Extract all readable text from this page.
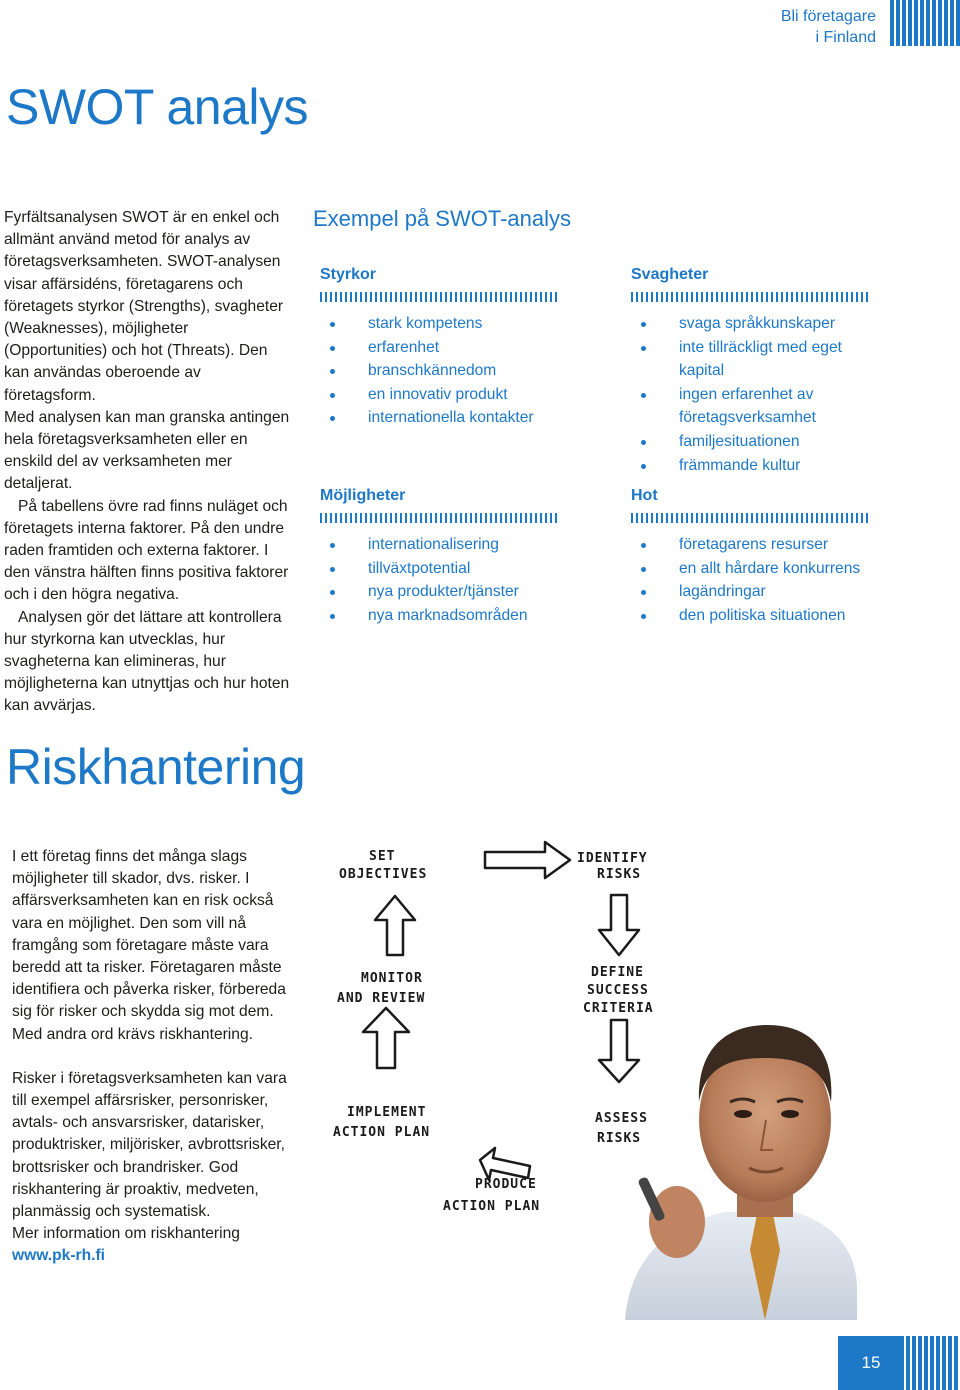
Bli företagare
i Finland
SWOT analys

Fyrfältsanalysen SWOT är en enkel och allmänt använd metod för analys av företagsverksamheten. SWOT-analysen visar affärsidéns, företagarens och företagets styrkor (Strengths), svagheter (Weaknesses), möjligheter (Opportunities) och hot (Threats). Den kan användas oberoende av företagsform.

Med analysen kan man granska antingen hela företagsverksamheten eller en enskild del av verksamheten mer detaljerat.

På tabellens övre rad finns nuläget och företagets interna faktorer. På den undre raden framtiden och externa faktorer. I den vänstra hälften finns positiva faktorer och i den högra negativa.

Analysen gör det lättare att kontrollera hur styrkorna kan utvecklas, hur svagheterna kan elimineras, hur möjligheterna kan utnyttjas och hur hoten kan avvärjas.

Exempel på SWOT-analys
Styrkor
stark kompetens
erfarenhet
branschkännedom
en innovativ produkt
internationella kontakter
Svagheter
svaga språkkunskaper
inte tillräckligt med eget kapital
ingen erfarenhet av företagsverksamhet
familjesituationen
främmande kultur
Möjligheter
internationalisering
tillväxtpotential
nya produkter/tjänster
nya marknadsområden
Hot
företagarens resurser
en allt hårdare konkurrens
lagändringar
den politiska situationen
Riskhantering

I ett företag finns det många slags möjligheter till skador, dvs. risker. I affärsverksamheten kan en risk också vara en möjlighet. Den som vill nå framgång som företagare måste vara beredd att ta risker. Företagaren måste identifiera och påverka risker, förbereda sig för risker och skydda sig mot dem. Med andra ord krävs riskhantering.

Risker i företagsverksamheten kan vara till exempel affärsrisker, personrisker, avtals- och ansvarsrisker, datarisker, produktrisker, miljörisker, avbrottsrisker, brottsrisker och brandrisker. God riskhantering är proaktiv, medveten, planmässig och systematisk.

Mer information om riskhantering

www.pk-rh.fi

SET
OBJECTIVES
IDENTIFY
RISKS
MONITOR
AND REVIEW
DEFINE
SUCCESS
CRITERIA
IMPLEMENT
ACTION PLAN
ASSESS
RISKS
PRODUCE
ACTION PLAN
15
